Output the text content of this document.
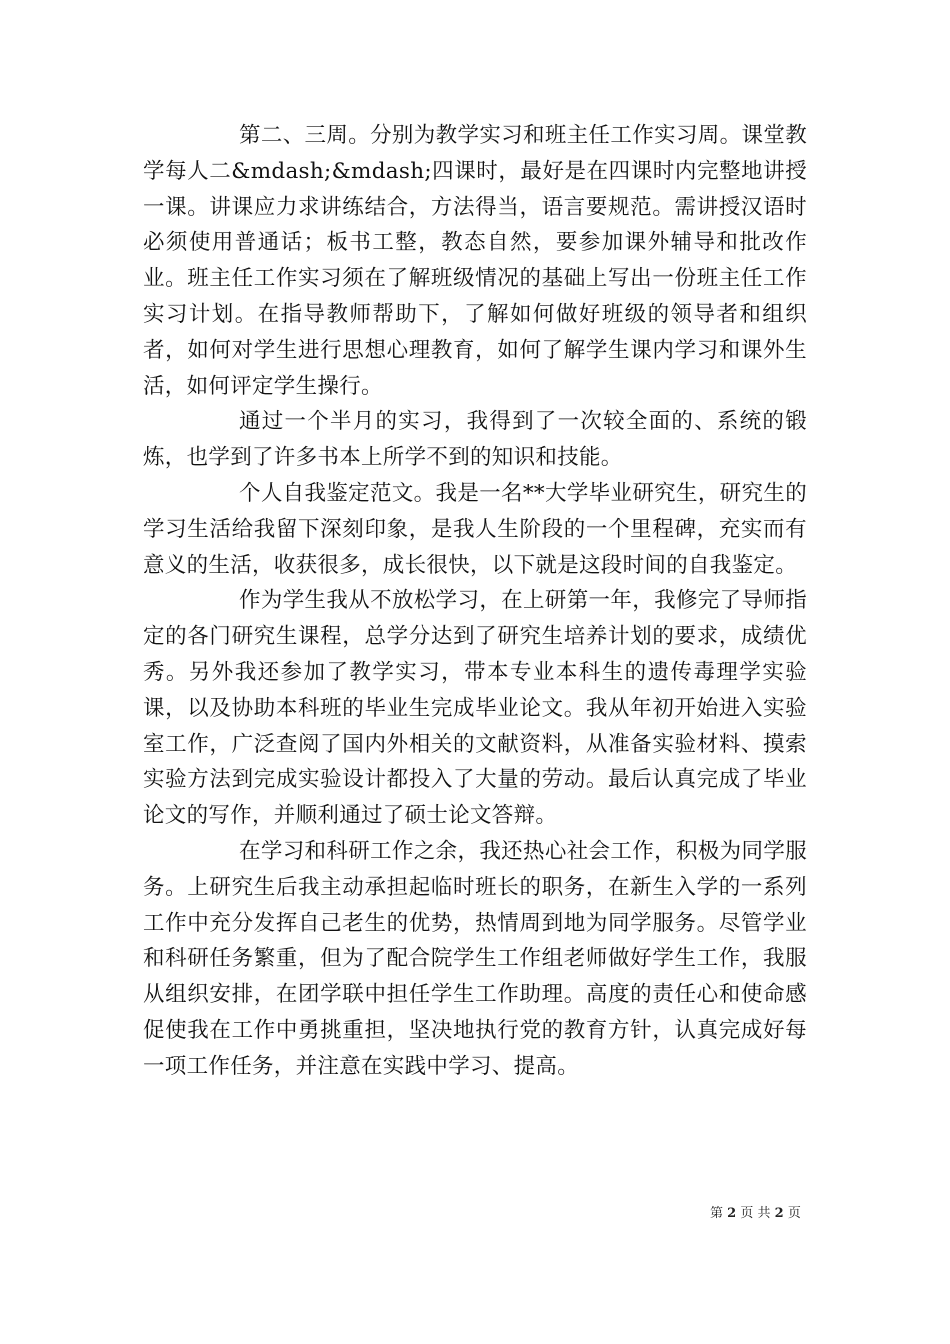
第二、三周。分别为教学实习和班主任工作实习周。课堂教学每人二&mdash;&mdash;四课时，最好是在四课时内完整地讲授一课。讲课应力求讲练结合，方法得当，语言要规范。需讲授汉语时必须使用普通话；板书工整，教态自然，要参加课外辅导和批改作业。班主任工作实习须在了解班级情况的基础上写出一份班主任工作实习计划。在指导教师帮助下，了解如何做好班级的领导者和组织者，如何对学生进行思想心理教育，如何了解学生课内学习和课外生活，如何评定学生操行。

通过一个半月的实习，我得到了一次较全面的、系统的锻炼，也学到了许多书本上所学不到的知识和技能。

个人自我鉴定范文。我是一名**大学毕业研究生，研究生的学习生活给我留下深刻印象，是我人生阶段的一个里程碑，充实而有意义的生活，收获很多，成长很快，以下就是这段时间的自我鉴定。

作为学生我从不放松学习，在上研第一年，我修完了导师指定的各门研究生课程，总学分达到了研究生培养计划的要求，成绩优秀。另外我还参加了教学实习，带本专业本科生的遗传毒理学实验课，以及协助本科班的毕业生完成毕业论文。我从年初开始进入实验室工作，广泛查阅了国内外相关的文献资料，从准备实验材料、摸索实验方法到完成实验设计都投入了大量的劳动。最后认真完成了毕业论文的写作，并顺利通过了硕士论文答辩。

在学习和科研工作之余，我还热心社会工作，积极为同学服务。上研究生后我主动承担起临时班长的职务，在新生入学的一系列工作中充分发挥自己老生的优势，热情周到地为同学服务。尽管学业和科研任务繁重，但为了配合院学生工作组老师做好学生工作，我服从组织安排，在团学联中担任学生工作助理。高度的责任心和使命感促使我在工作中勇挑重担，坚决地执行党的教育方针，认真完成好每一项工作任务，并注意在实践中学习、提高。

第 2 页 共 2 页
